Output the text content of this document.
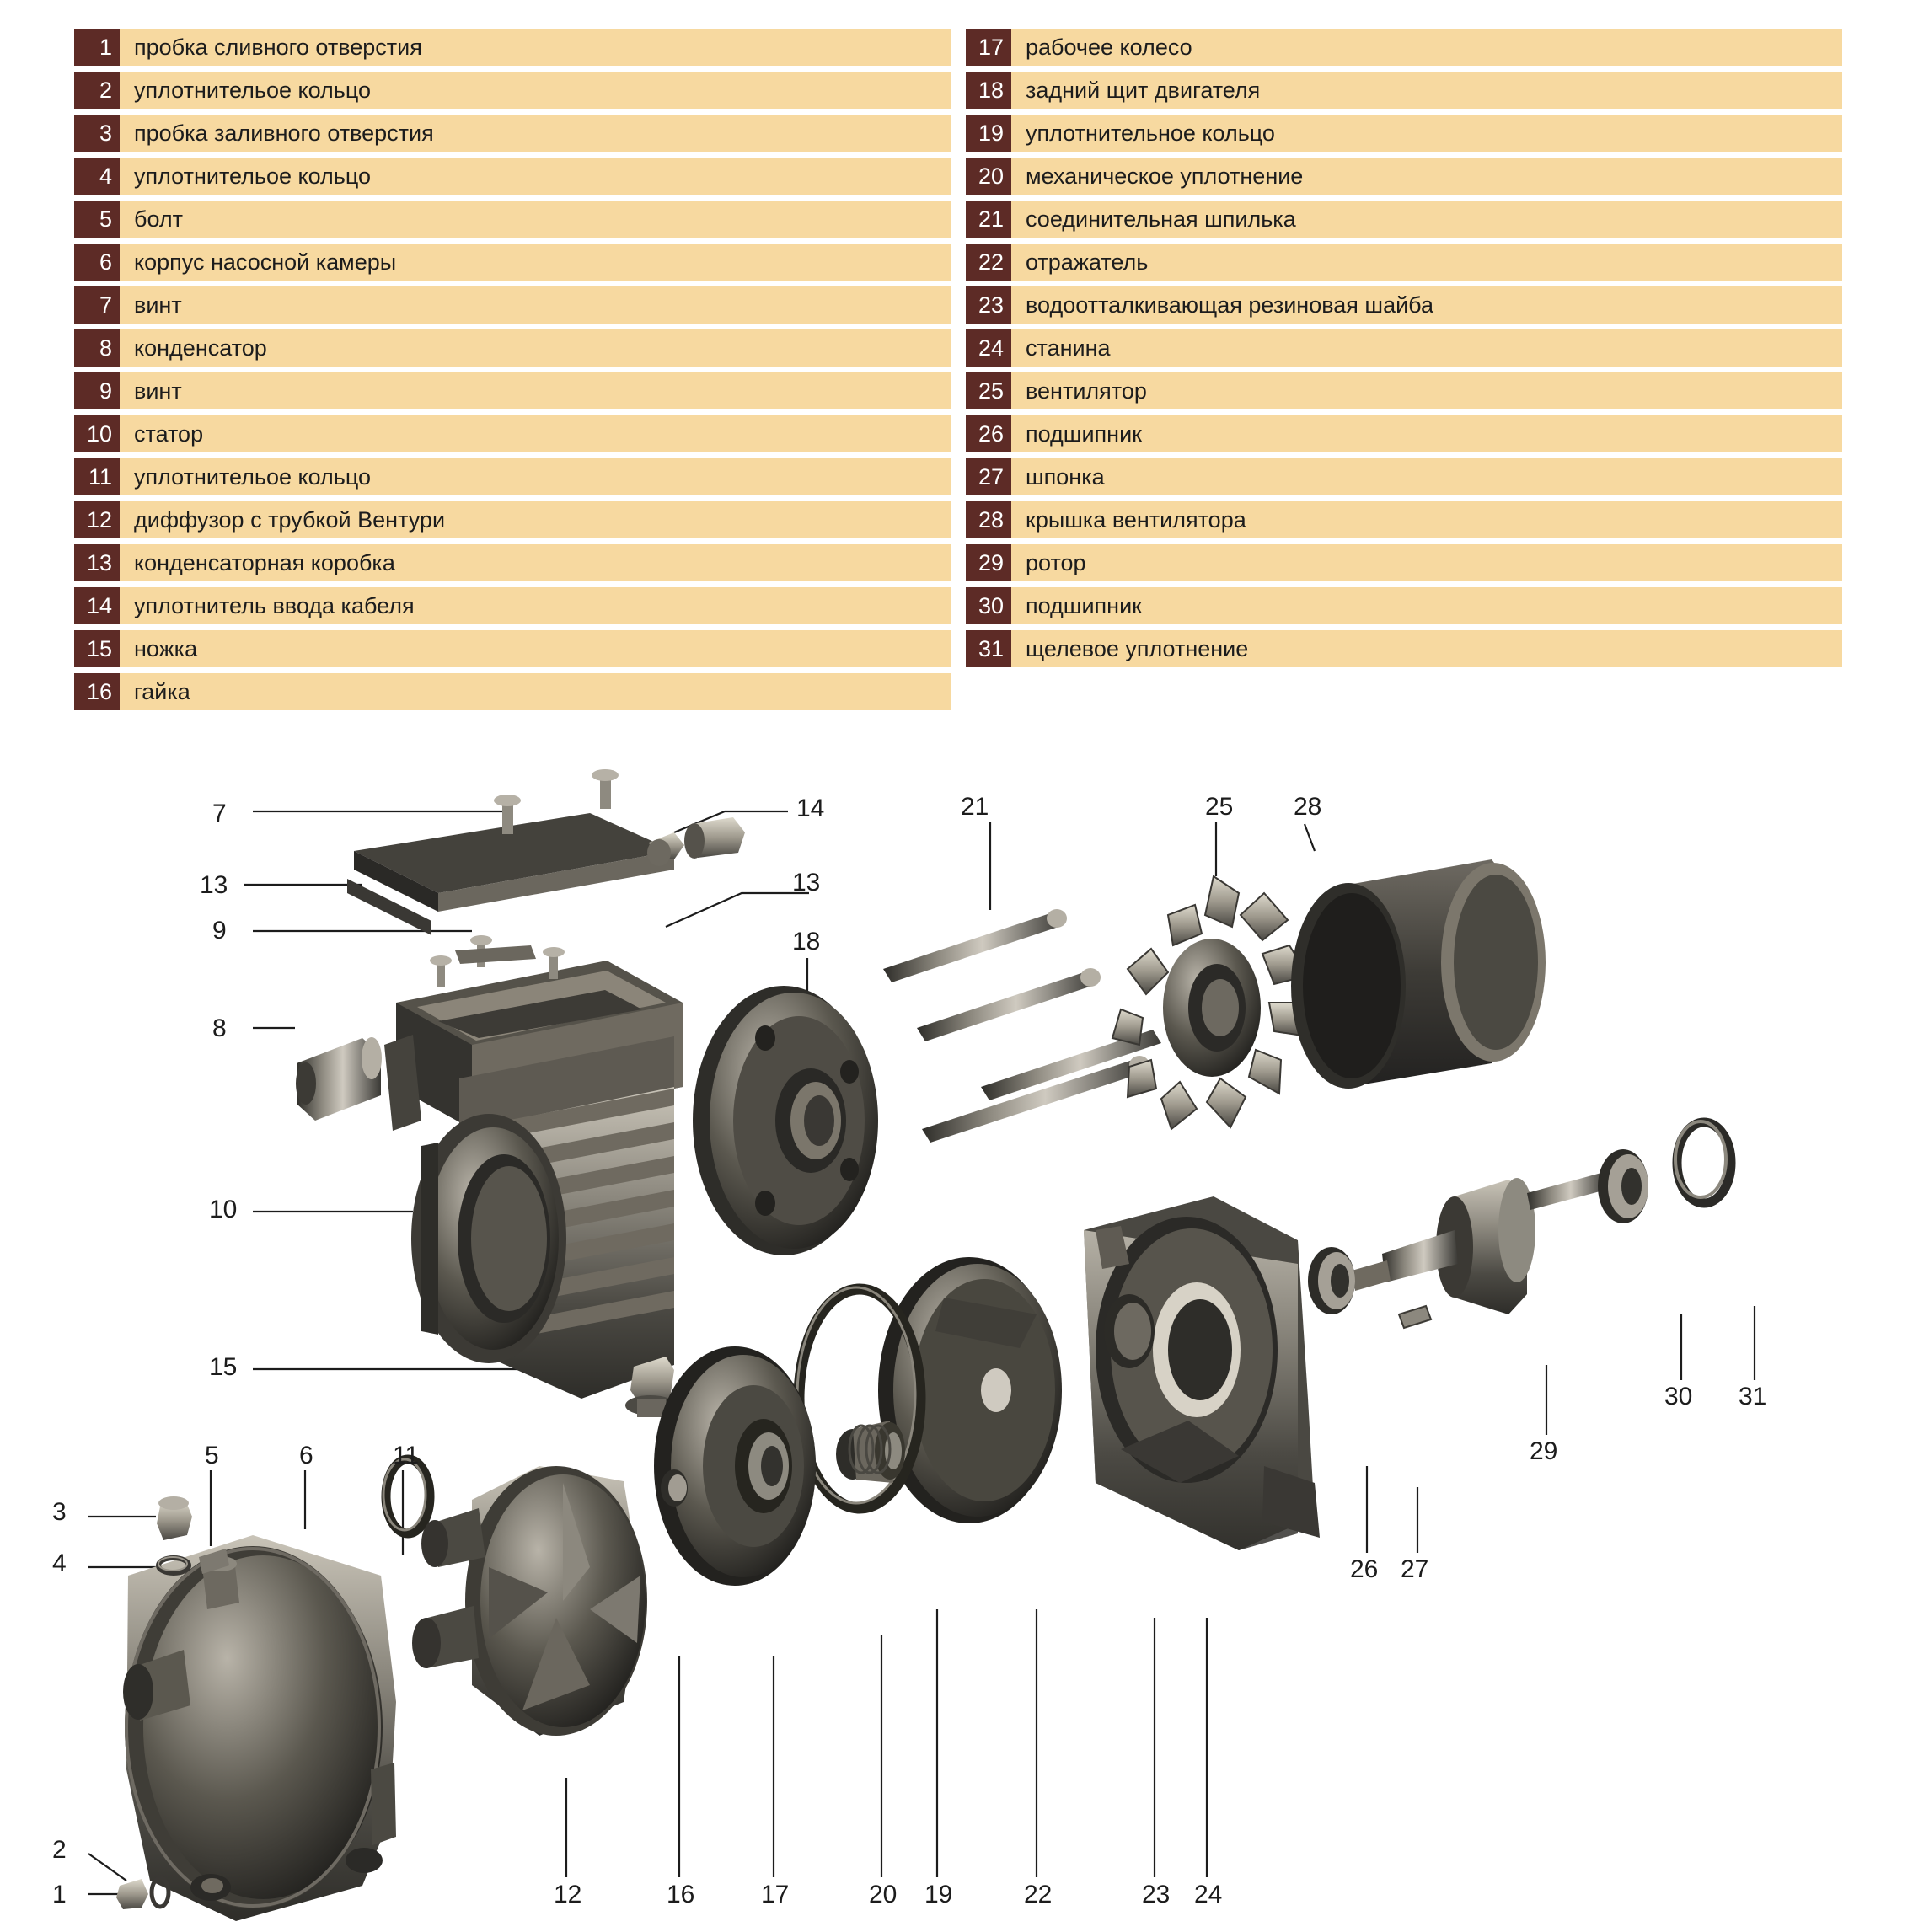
1 пробка сливного отверстия
2 уплотнительое кольцо
3 пробка заливного отверстия
4 уплотнительое кольцо
5 болт
6 корпус насосной камеры
7 винт
8 конденсатор
9 винт
10 статор
11 уплотнительое кольцо
12 диффузор с трубкой Вентури
13 конденсаторная коробка
14 уплотнитель ввода кабеля
15 ножка
16 гайка
17 рабочее колесо
18 задний щит двигателя
19 уплотнительное кольцо
20 механическое уплотнение
21 соединительная шпилька
22 отражатель
23 водоотталкивающая резиновая шайба
24 станина
25 вентилятор
26 подшипник
27 шпонка
28 крышка вентилятора
29 ротор
30 подшипник
31 щелевое уплотнение
7	14	21	25 28
13
9
13
18
8
10
15
30 31
29
26 27
5	6	11
3
4
2
1	12	16	17	20 19	22	23 24
